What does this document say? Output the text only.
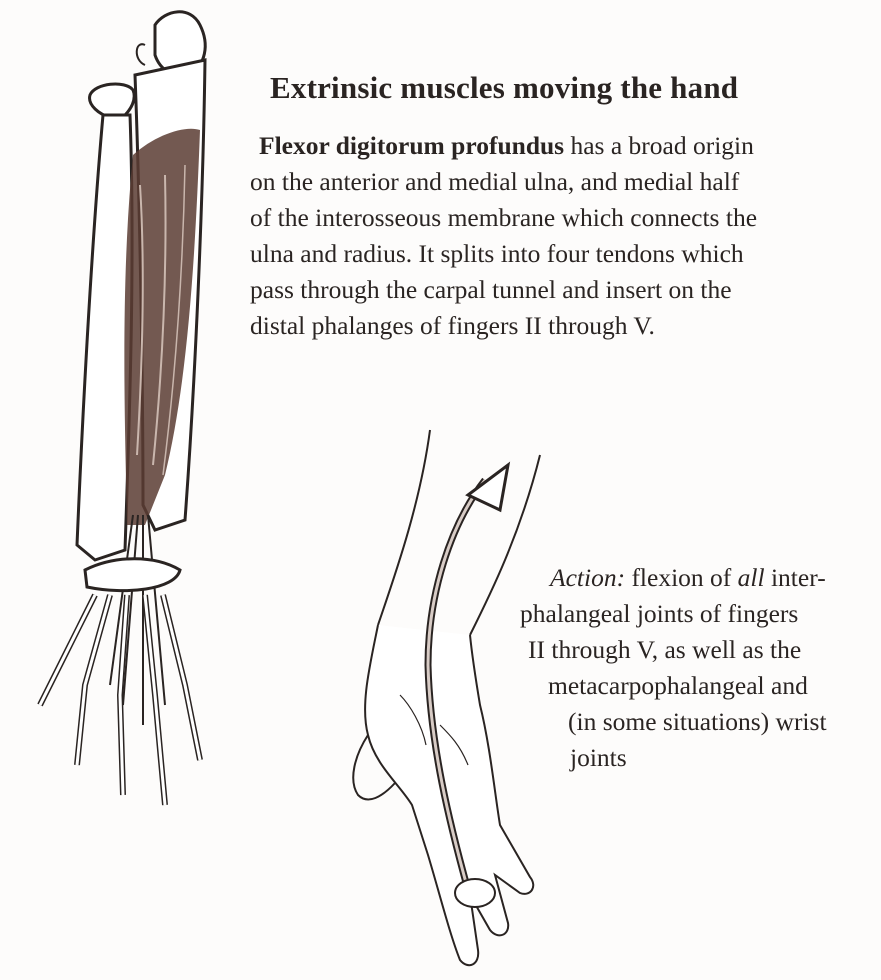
Extrinsic muscles moving the hand
Flexor digitorum profundus has a broad origin
on the anterior and medial ulna, and medial half
of the interosseous membrane which connects the
ulna and radius. It splits into four tendons which
pass through the carpal tunnel and insert on the
distal phalanges of fingers II through V.
Action: flexion of all inter-
phalangeal joints of fingers
II through V, as well as the
metacarpophalangeal and
(in some situations) wrist
joints
